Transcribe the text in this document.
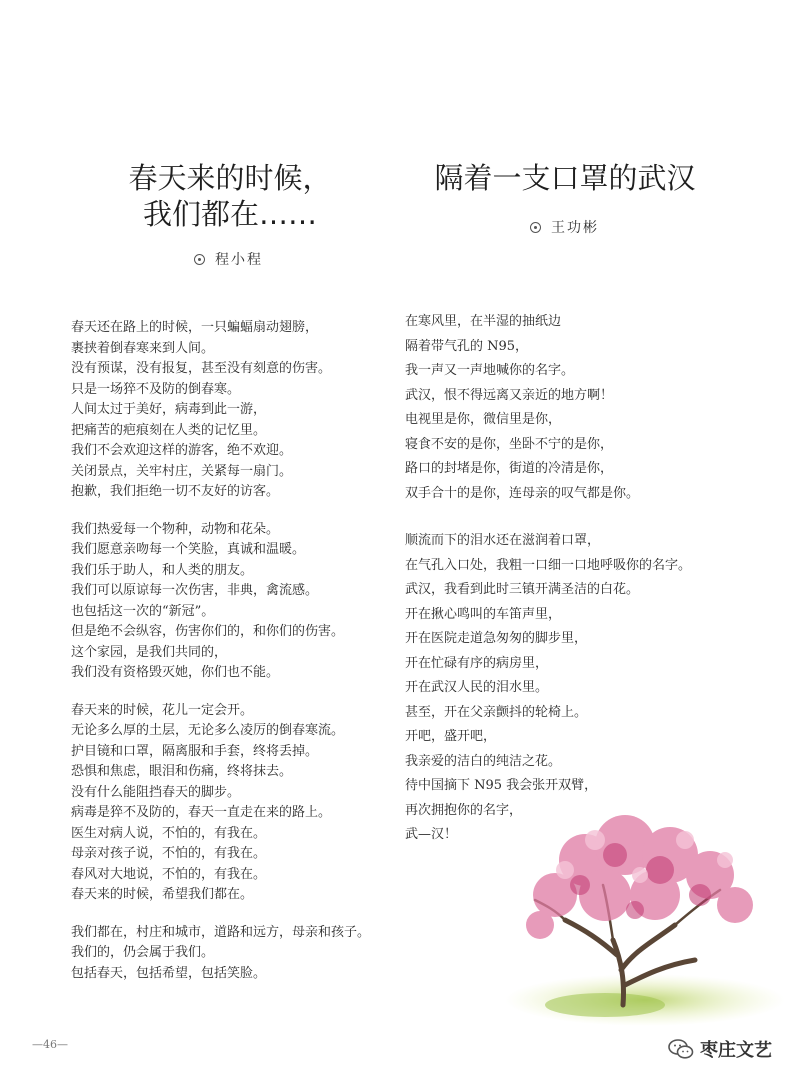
春天来的时候，
我们都在……
程小程
隔着一支口罩的武汉
王功彬
春天还在路上的时候，一只蝙蝠扇动翅膀，
裹挟着倒春寒来到人间。
没有预谋，没有报复，甚至没有刻意的伤害。
只是一场猝不及防的倒春寒。
人间太过于美好，病毒到此一游，
把痛苦的疤痕刻在人类的记忆里。
我们不会欢迎这样的游客，绝不欢迎。
关闭景点，关牢村庄，关紧每一扇门。
抱歉，我们拒绝一切不友好的访客。
我们热爱每一个物种，动物和花朵。
我们愿意亲吻每一个笑脸，真诚和温暖。
我们乐于助人，和人类的朋友。
我们可以原谅每一次伤害，非典，禽流感。
也包括这一次的“新冠”。
但是绝不会纵容，伤害你们的，和你们的伤害。
这个家园，是我们共同的，
我们没有资格毁灭她，你们也不能。
春天来的时候，花儿一定会开。
无论多么厚的土层，无论多么凌厉的倒春寒流。
护目镜和口罩，隔离服和手套，终将丢掉。
恐惧和焦虑，眼泪和伤痛，终将抹去。
没有什么能阻挡春天的脚步。
病毒是猝不及防的，春天一直走在来的路上。
医生对病人说，不怕的，有我在。
母亲对孩子说，不怕的，有我在。
春风对大地说，不怕的，有我在。
春天来的时候，希望我们都在。
我们都在，村庄和城市，道路和远方，母亲和孩子。
我们的，仍会属于我们。
包括春天，包括希望，包括笑脸。
在寒风里，在半湿的抽纸边
隔着带气孔的 N95，
我一声又一声地喊你的名字。
武汉，恨不得远离又亲近的地方啊！
电视里是你，微信里是你，
寝食不安的是你，坐卧不宁的是你，
路口的封堵是你，街道的冷清是你，
双手合十的是你，连母亲的叹气都是你。
顺流而下的泪水还在滋润着口罩，
在气孔入口处，我粗一口细一口地呼吸你的名字。
武汉，我看到此时三镇开满圣洁的白花。
开在揪心鸣叫的车笛声里，
开在医院走道急匆匆的脚步里，
开在忙碌有序的病房里，
开在武汉人民的泪水里。
甚至，开在父亲颤抖的轮椅上。
开吧，盛开吧，
我亲爱的洁白的纯洁之花。
待中国摘下 N95 我会张开双臂，
再次拥抱你的名字，
武—汉！
—46—	枣庄文艺
